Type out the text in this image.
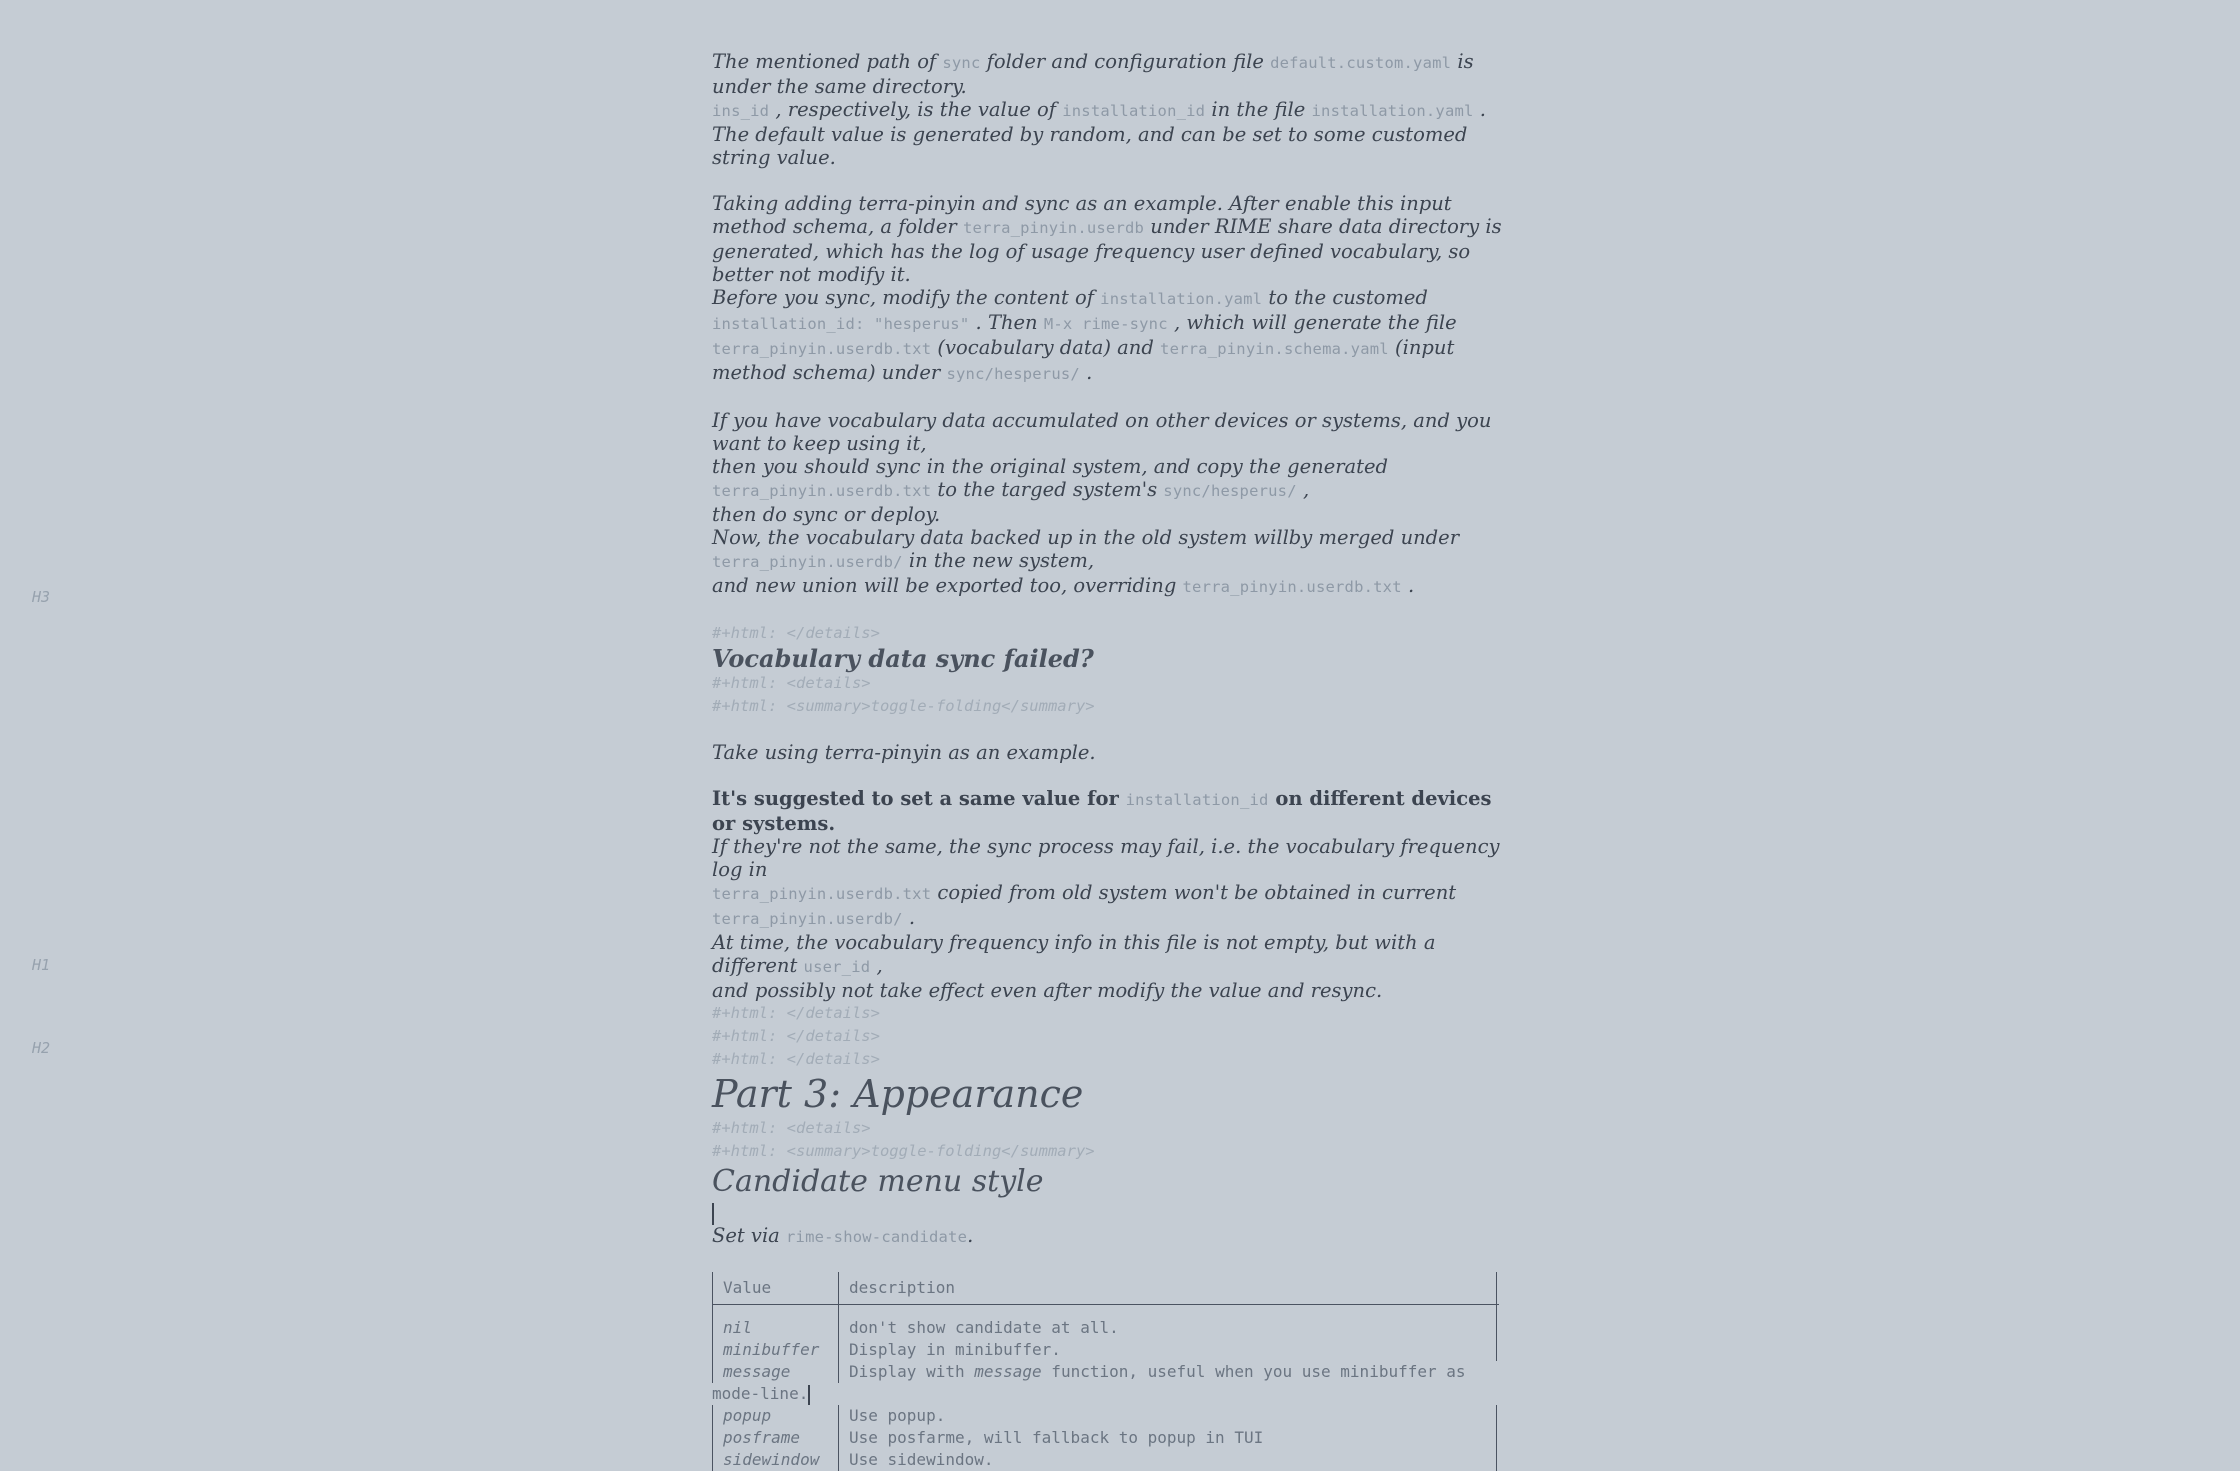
H3
H1
H2

The mentioned path of sync folder and configuration file default.custom.yaml is under the same directory.
ins_id , respectively, is the value of installation_id in the file installation.yaml . The default value is generated by random, and can be set to some customed string value.

Taking adding terra-pinyin and sync as an example. After enable this input method schema, a folder terra_pinyin.userdb under RIME share data directory is generated, which has the log of usage frequency user defined vocabulary, so better not modify it.
Before you sync, modify the content of installation.yaml to the customed
installation_id: "hesperus" . Then M-x rime-sync , which will generate the file
terra_pinyin.userdb.txt (vocabulary data) and terra_pinyin.schema.yaml (input method schema) under sync/hesperus/ .

If you have vocabulary data accumulated on other devices or systems, and you want to keep using it,
then you should sync in the original system, and copy the generated
terra_pinyin.userdb.txt to the targed system's sync/hesperus/ ,
then do sync or deploy.
Now, the vocabulary data backed up in the old system willby merged under
terra_pinyin.userdb/ in the new system,
and new union will be exported too, overriding terra_pinyin.userdb.txt .

#+html: </details>
Vocabulary data sync failed?
#+html: <details>
#+html: <summary>toggle-folding</summary>

Take using terra-pinyin as an example.

It's suggested to set a same value for installation_id on different devices or systems.
If they're not the same, the sync process may fail, i.e. the vocabulary frequency log in
terra_pinyin.userdb.txt copied from old system won't be obtained in current
terra_pinyin.userdb/ .
At time, the vocabulary frequency info in this file is not empty, but with a different user_id ,
and possibly not take effect even after modify the value and resync.

#+html: </details>
#+html: </details>
#+html: </details>
Part 3: Appearance
#+html: <details>
#+html: <summary>toggle-folding</summary>
Candidate menu style

Set via rime-show-candidate.

Value	description
nil	don't show candidate at all.
minibuffer	Display in minibuffer.
message	Display with message function, useful when you use minibuffer as
mode-line.
popup	Use popup.
posframe	Use posfarme, will fallback to popup in TUI
sidewindow	Use sidewindow.
